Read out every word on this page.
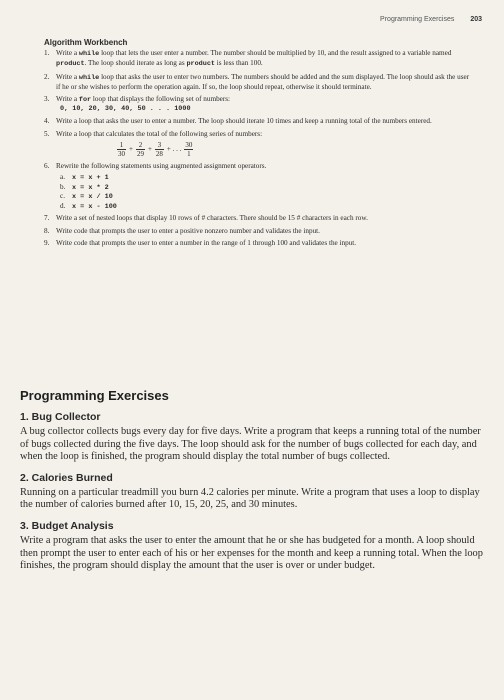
Programming Exercises 203
Algorithm Workbench
1. Write a while loop that lets the user enter a number. The number should be multiplied by 10, and the result assigned to a variable named product. The loop should iterate as long as product is less than 100.
2. Write a while loop that asks the user to enter two numbers. The numbers should be added and the sum displayed. The loop should ask the user if he or she wishes to perform the operation again. If so, the loop should repeat, otherwise it should terminate.
3. Write a for loop that displays the following set of numbers:
0, 10, 20, 30, 40, 50 . . . 1000
4. Write a loop that asks the user to enter a number. The loop should iterate 10 times and keep a running total of the numbers entered.
5. Write a loop that calculates the total of the following series of numbers:
$\frac{1}{30} + \frac{2}{29} + \frac{3}{28}$ + . . . $\frac{30}{1}$
6. Rewrite the following statements using augmented assignment operators.
a. x = x + 1
b. x = x * 2
c. x = x / 10
d. x = x - 100
7. Write a set of nested loops that display 10 rows of # characters. There should be 15 # characters in each row.
8. Write code that prompts the user to enter a positive nonzero number and validates the input.
9. Write code that prompts the user to enter a number in the range of 1 through 100 and validates the input.
Programming Exercises
1. Bug Collector
A bug collector collects bugs every day for five days. Write a program that keeps a running total of the number of bugs collected during the five days. The loop should ask for the number of bugs collected for each day, and when the loop is finished, the program should display the total number of bugs collected.
2. Calories Burned
Running on a particular treadmill you burn 4.2 calories per minute. Write a program that uses a loop to display the number of calories burned after 10, 15, 20, 25, and 30 minutes.
3. Budget Analysis
Write a program that asks the user to enter the amount that he or she has budgeted for a month. A loop should then prompt the user to enter each of his or her expenses for the month and keep a running total. When the loop finishes, the program should display the amount that the user is over or under budget.
